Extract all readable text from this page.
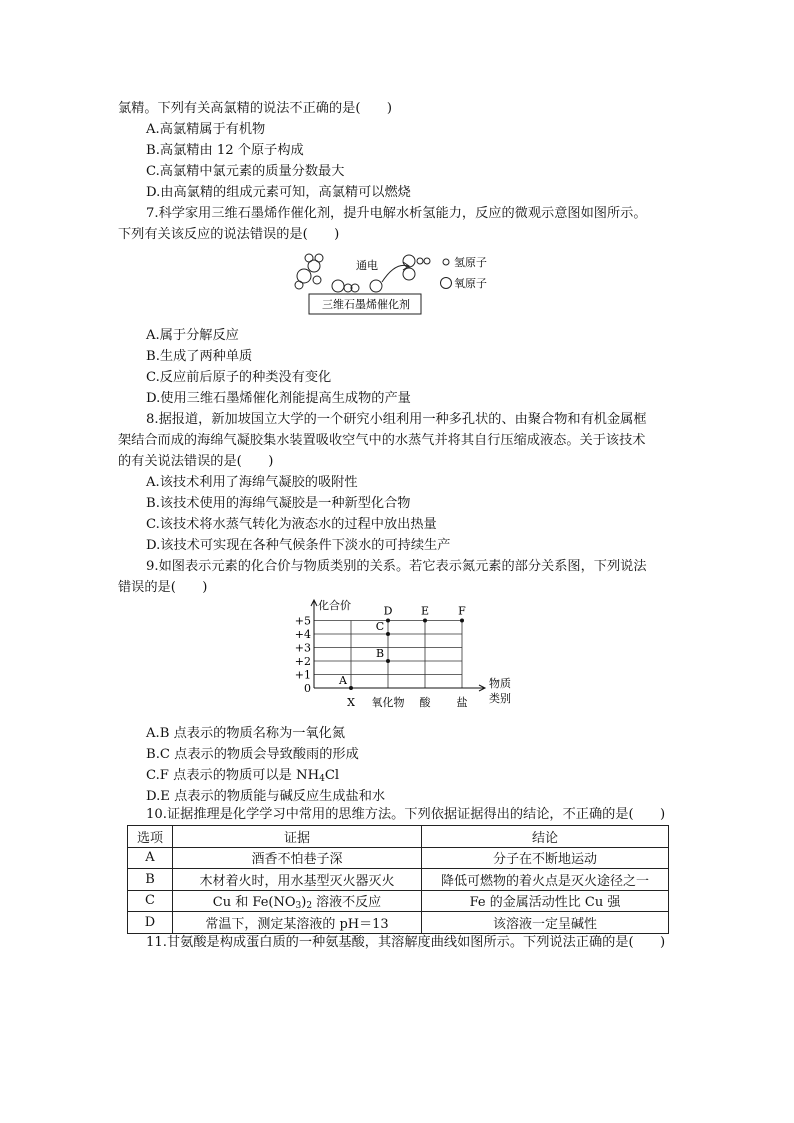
氯精。下列有关高氯精的说法不正确的是(　　)
A.高氯精属于有机物
B.高氯精由 12 个原子构成
C.高氯精中氯元素的质量分数最大
D.由高氯精的组成元素可知，高氯精可以燃烧
7.科学家用三维石墨烯作催化剂，提升电解水析氢能力，反应的微观示意图如图所示。
下列有关该反应的说法错误的是(　　)
通电
三维石墨烯催化剂
氢原子
氧原子
A.属于分解反应
B.生成了两种单质
C.反应前后原子的种类没有变化
D.使用三维石墨烯催化剂能提高生成物的产量
8.据报道，新加坡国立大学的一个研究小组利用一种多孔状的、由聚合物和有机金属框
架结合而成的海绵气凝胶集水装置吸收空气中的水蒸气并将其自行压缩成液态。关于该技术
的有关说法错误的是(　　)
A.该技术利用了海绵气凝胶的吸附性
B.该技术使用的海绵气凝胶是一种新型化合物
C.该技术将水蒸气转化为液态水的过程中放出热量
D.该技术可实现在各种气候条件下淡水的可持续生产
9.如图表示元素的化合价与物质类别的关系。若它表示氮元素的部分关系图，下列说法
错误的是(　　)
+5
+4
+3
+2
+1
0
X 氧化物 酸 盐
化合价
物质
类别
A
B
C
D	E	F
A.B 点表示的物质名称为一氧化氮
B.C 点表示的物质会导致酸雨的形成
C.F 点表示的物质可以是 $NH_4Cl$
D.E 点表示的物质能与碱反应生成盐和水
10.证据推理是化学学习中常用的思维方法。下列依据证据得出的结论，不正确的是(　　)
选项	证据	结论
A	酒香不怕巷子深	分子在不断地运动
B	木材着火时，用水基型灭火器灭火	降低可燃物的着火点是灭火途径之一
C	Cu 和 $Fe(NO_3)_2$ 溶液不反应	Fe 的金属活动性比 Cu 强
D	常温下，测定某溶液的 pH＝13	该溶液一定呈碱性
11.甘氨酸是构成蛋白质的一种氨基酸，其溶解度曲线如图所示。下列说法正确的是(　　)
